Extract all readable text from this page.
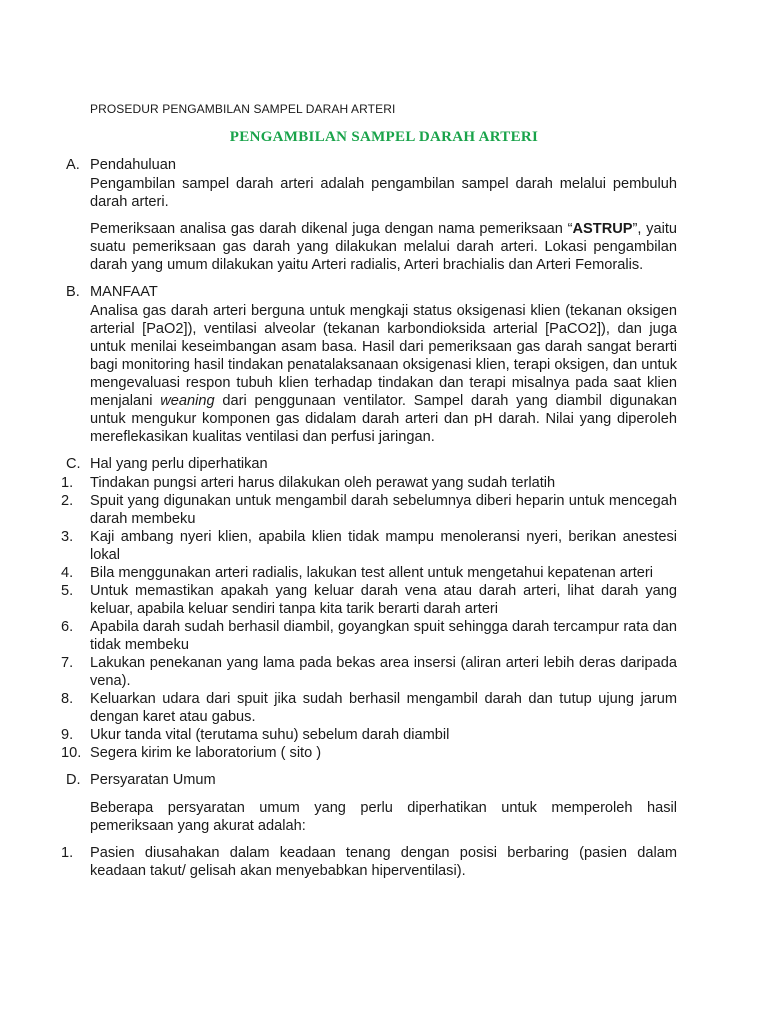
PROSEDUR PENGAMBILAN SAMPEL DARAH ARTERI
PENGAMBILAN SAMPEL DARAH ARTERI
A. Pendahuluan
Pengambilan sampel darah arteri adalah pengambilan sampel darah melalui pembuluh darah arteri.
Pemeriksaan analisa gas darah dikenal juga dengan nama pemeriksaan “ASTRUP”, yaitu suatu pemeriksaan gas darah yang dilakukan melalui darah arteri. Lokasi pengambilan darah yang umum dilakukan yaitu Arteri radialis, Arteri brachialis dan Arteri Femoralis.
B. MANFAAT
Analisa gas darah arteri berguna untuk mengkaji status oksigenasi klien (tekanan oksigen arterial [PaO2]), ventilasi alveolar (tekanan karbondioksida arterial [PaCO2]), dan juga untuk menilai keseimbangan asam basa. Hasil dari pemeriksaan gas darah sangat berarti bagi monitoring hasil tindakan penatalaksanaan oksigenasi klien, terapi oksigen, dan untuk mengevaluasi respon tubuh klien terhadap tindakan dan terapi misalnya pada saat klien menjalani weaning dari penggunaan ventilator. Sampel darah yang diambil digunakan untuk mengukur komponen gas didalam darah arteri dan pH darah. Nilai yang diperoleh mereflekasikan kualitas ventilasi dan perfusi jaringan.
C. Hal yang perlu diperhatikan
1. Tindakan pungsi arteri harus dilakukan oleh perawat yang sudah terlatih
2. Spuit yang digunakan untuk mengambil darah sebelumnya diberi heparin untuk mencegah darah membeku
3. Kaji ambang nyeri klien, apabila klien tidak mampu menoleransi nyeri, berikan anestesi lokal
4. Bila menggunakan arteri radialis, lakukan test allent untuk mengetahui kepatenan arteri
5. Untuk memastikan apakah yang keluar darah vena atau darah arteri, lihat darah yang keluar, apabila keluar sendiri tanpa kita tarik berarti darah arteri
6. Apabila darah sudah berhasil diambil, goyangkan spuit sehingga darah tercampur rata dan tidak membeku
7. Lakukan penekanan yang lama pada bekas area insersi (aliran arteri lebih deras daripada vena).
8. Keluarkan udara dari spuit jika sudah berhasil mengambil darah dan tutup ujung jarum dengan karet atau gabus.
9. Ukur tanda vital (terutama suhu) sebelum darah diambil
10. Segera kirim ke laboratorium ( sito )
D. Persyaratan Umum
Beberapa persyaratan umum yang perlu diperhatikan untuk memperoleh hasil pemeriksaan yang akurat adalah:
1. Pasien diusahakan dalam keadaan tenang dengan posisi berbaring (pasien dalam keadaan takut/ gelisah akan menyebabkan hiperventilasi).
